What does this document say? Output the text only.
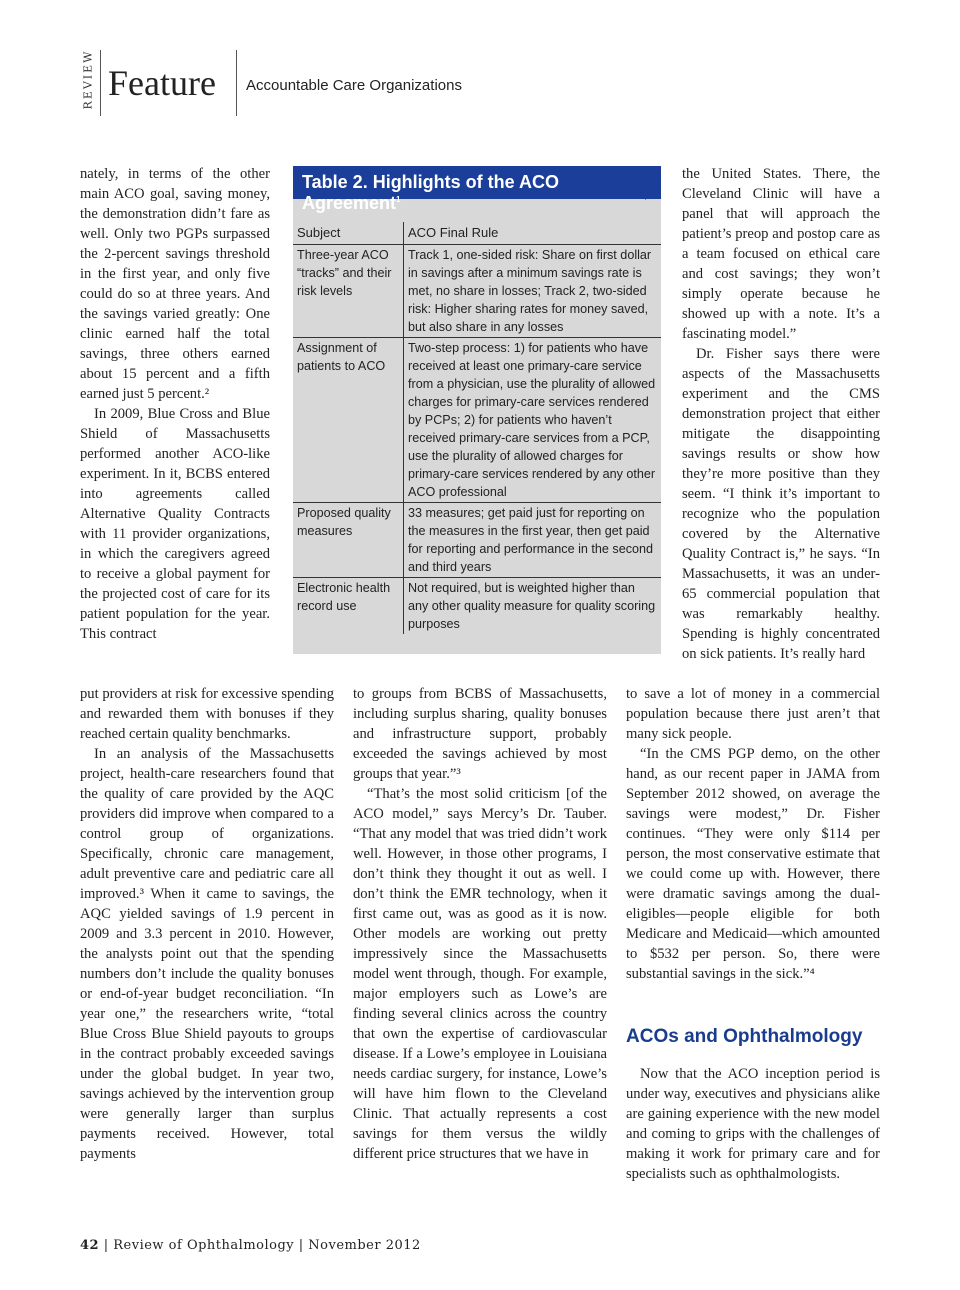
REVIEW Feature Accountable Care Organizations

nately, in terms of the other main ACO goal, saving money, the demonstration didn’t fare as well. Only two PGPs surpassed the 2-percent savings threshold in the first year, and only five could do so at three years. And the savings varied greatly: One clinic earned half the total savings, three others earned about 15 percent and a fifth earned just 5 percent.²

In 2009, Blue Cross and Blue Shield of Massachusetts performed another ACO-like experiment. In it, BCBS entered into agreements called Alternative Quality Contracts with 11 provider organizations, in which the caregivers agreed to receive a global payment for the projected cost of care for its patient population for the year. This contract

Table 2. Highlights of the ACO Agreement$^1$
Subject	ACO Final Rule
Three-year ACO “tracks” and their risk levels	Track 1, one-sided risk: Share on first dollar in savings after a minimum savings rate is met, no share in losses; Track 2, two-sided risk: Higher sharing rates for money saved, but also share in any losses
Assignment of patients to ACO	Two-step process: 1) for patients who have received at least one primary-care service from a physician, use the plurality of allowed charges for primary-care services rendered by PCPs; 2) for patients who haven’t received primary-care services from a PCP, use the plurality of allowed charges for primary-care services rendered by any other ACO professional
Proposed quality measures	33 measures; get paid just for reporting on the measures in the first year, then get paid for reporting and performance in the second and third years
Electronic health record use	Not required, but is weighted higher than any other quality measure for quality scoring purposes

the United States. There, the Cleveland Clinic will have a panel that will approach the patient’s preop and postop care as a team focused on ethical care and cost savings; they won’t simply operate because he showed up with a note. It’s a fascinating model.”

Dr. Fisher says there were aspects of the Massachusetts experiment and the CMS demonstration project that either mitigate the disappointing savings results or show how they’re more positive than they seem. “I think it’s important to recognize who the population covered by the Alternative Quality Contract is,” he says. “In Massachusetts, it was an under-65 commercial population that was remarkably healthy. Spending is highly concentrated on sick patients. It’s really hard

put providers at risk for excessive spending and rewarded them with bonuses if they reached certain quality benchmarks.

In an analysis of the Massachusetts project, health-care researchers found that the quality of care provided by the AQC providers did improve when compared to a control group of organizations. Specifically, chronic care management, adult preventive care and pediatric care all improved.³ When it came to savings, the AQC yielded savings of 1.9 percent in 2009 and 3.3 percent in 2010. However, the analysts point out that the spending numbers don’t include the quality bonuses or end-of-year budget reconciliation. “In year one,” the researchers write, “total Blue Cross Blue Shield payouts to groups in the contract probably exceeded savings under the global budget. In year two, savings achieved by the intervention group were generally larger than surplus payments received. However, total payments

to groups from BCBS of Massachusetts, including surplus sharing, quality bonuses and infrastructure support, probably exceeded the savings achieved by most groups that year.”³

“That’s the most solid criticism [of the ACO model,” says Mercy’s Dr. Tauber. “That any model that was tried didn’t work well. However, in those other programs, I don’t think they thought it out as well. I don’t think the EMR technology, when it first came out, was as good as it is now. Other models are working out pretty impressively since the Massachusetts model went through, though. For example, major employers such as Lowe’s are finding several clinics across the country that own the expertise of cardiovascular disease. If a Lowe’s employee in Louisiana needs cardiac surgery, for instance, Lowe’s will have him flown to the Cleveland Clinic. That actually represents a cost savings for them versus the wildly different price structures that we have in

to save a lot of money in a commercial population because there just aren’t that many sick people.

“In the CMS PGP demo, on the other hand, as our recent paper in JAMA from September 2012 showed, on average the savings were modest,” Dr. Fisher continues. “They were only $114 per person, the most conservative estimate that we could come up with. However, there were dramatic savings among the dual-eligibles—people eligible for both Medicare and Medicaid—which amounted to $532 per person. So, there were substantial savings in the sick.”⁴

ACOs and Ophthalmology

Now that the ACO inception period is under way, executives and physicians alike are gaining experience with the new model and coming to grips with the challenges of making it work for primary care and for specialists such as ophthalmologists.

42 | Review of Ophthalmology | November 2012
